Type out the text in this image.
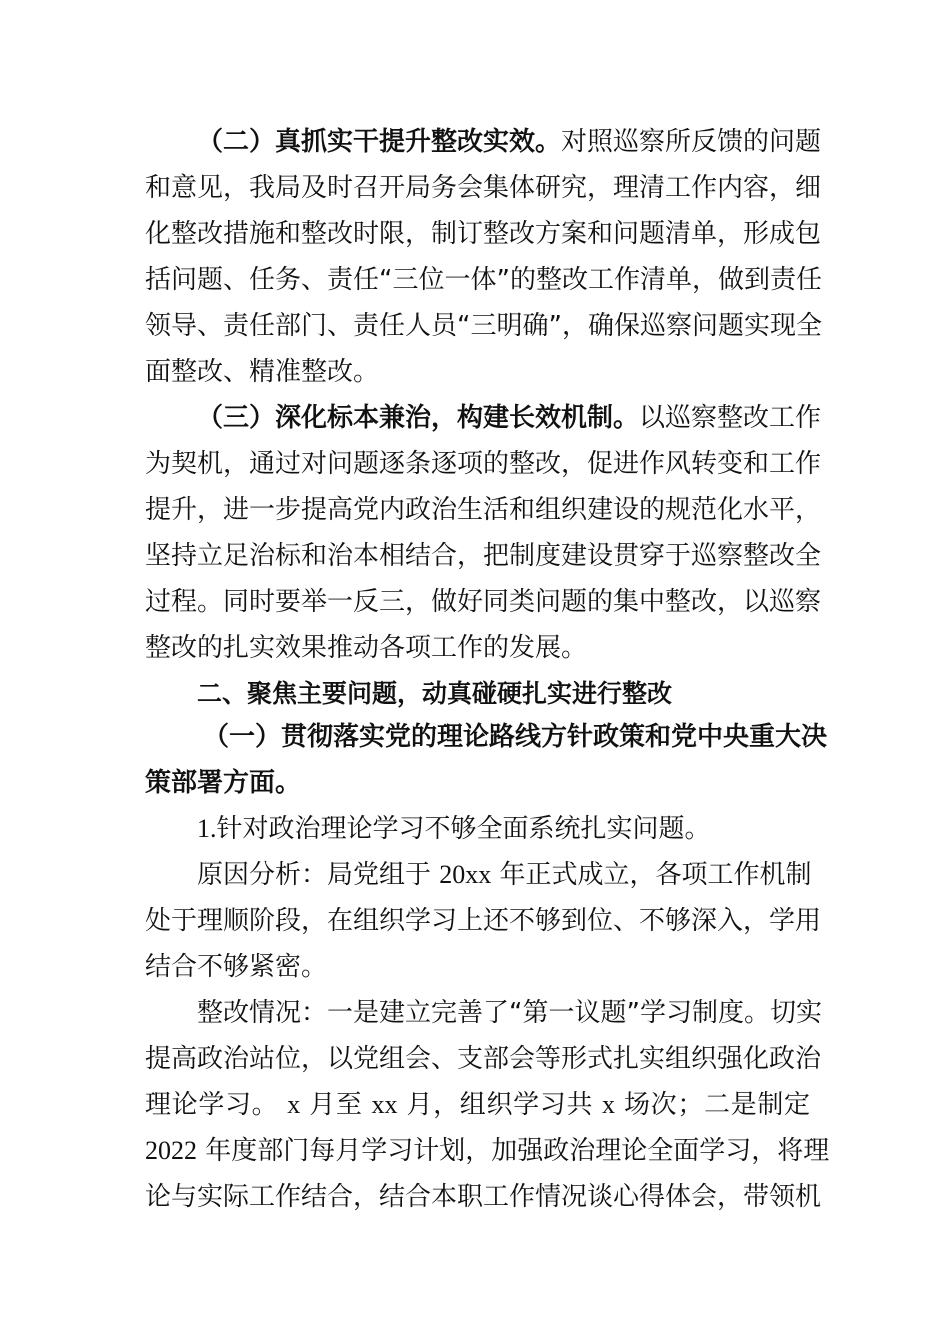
（二）真抓实干提升整改实效。对照巡察所反馈的问题
和意见，我局及时召开局务会集体研究，理清工作内容，细
化整改措施和整改时限，制订整改方案和问题清单，形成包
括问题、任务、责任“三位一体”的整改工作清单，做到责任
领导、责任部门、责任人员“三明确”，确保巡察问题实现全
面整改、精准整改。
（三）深化标本兼治，构建长效机制。以巡察整改工作
为契机，通过对问题逐条逐项的整改，促进作风转变和工作
提升，进一步提高党内政治生活和组织建设的规范化水平，
坚持立足治标和治本相结合，把制度建设贯穿于巡察整改全
过程。同时要举一反三，做好同类问题的集中整改，以巡察
整改的扎实效果推动各项工作的发展。
二、聚焦主要问题，动真碰硬扎实进行整改
（一）贯彻落实党的理论路线方针政策和党中央重大决
策部署方面。
1.针对政治理论学习不够全面系统扎实问题。
原因分析：局党组于 20xx 年正式成立，各项工作机制
处于理顺阶段，在组织学习上还不够到位、不够深入，学用
结合不够紧密。
整改情况：一是建立完善了“第一议题”学习制度。切实
提高政治站位，以党组会、支部会等形式扎实组织强化政治
理论学习。 x 月至 xx 月，组织学习共 x 场次；二是制定
2022 年度部门每月学习计划，加强政治理论全面学习，将理
论与实际工作结合，结合本职工作情况谈心得体会，带领机
